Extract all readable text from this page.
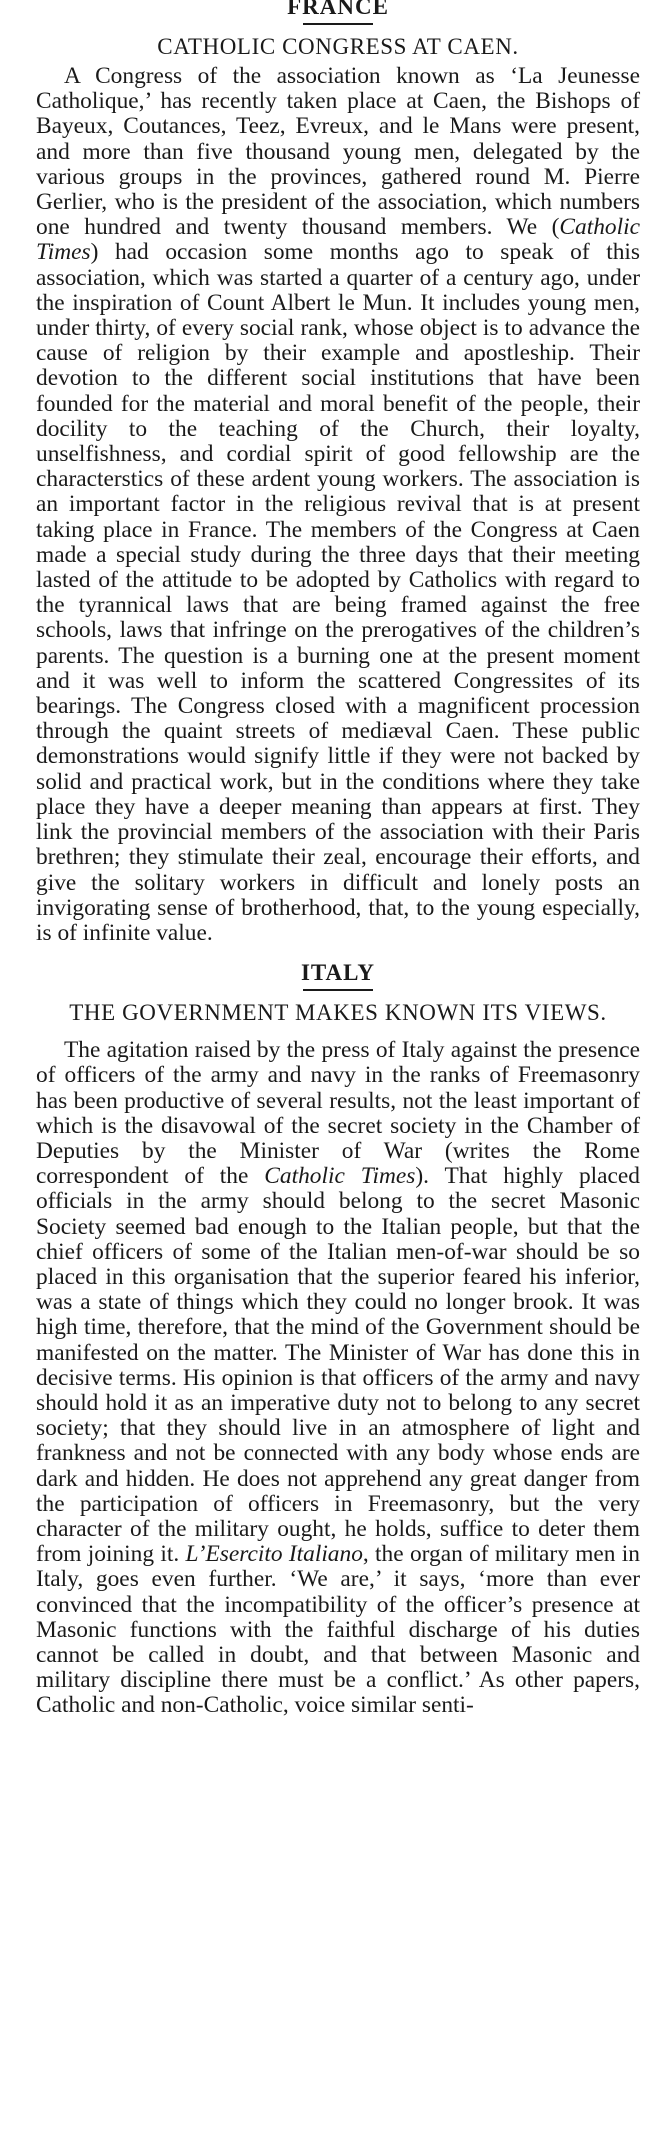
FRANCE
CATHOLIC CONGRESS AT CAEN.

A Congress of the association known as ‘La Jeunesse Catholique,’ has recently taken place at Caen, the Bishops of Bayeux, Coutances, Teez, Evreux, and le Mans were present, and more than five thousand young men, delegated by the various groups in the provinces, gathered round M. Pierre Gerlier, who is the president of the association, which numbers one hundred and twenty thousand members. We (Catholic Times) had occasion some months ago to speak of this association, which was started a quarter of a century ago, under the inspiration of Count Albert le Mun. It includes young men, under thirty, of every social rank, whose object is to advance the cause of religion by their example and apostleship. Their devotion to the different social institutions that have been founded for the material and moral benefit of the people, their docility to the teaching of the Church, their loyalty, unselfishness, and cordial spirit of good fellowship are the characterstics of these ardent young workers. The association is an important factor in the religious revival that is at present taking place in France. The members of the Congress at Caen made a special study during the three days that their meeting lasted of the attitude to be adopted by Catholics with regard to the tyrannical laws that are being framed against the free schools, laws that infringe on the prerogatives of the children’s parents. The question is a burning one at the present moment and it was well to inform the scattered Congressites of its bearings. The Congress closed with a magnificent procession through the quaint streets of mediæval Caen. These public demonstrations would signify little if they were not backed by solid and practical work, but in the conditions where they take place they have a deeper meaning than appears at first. They link the provincial members of the association with their Paris brethren; they stimulate their zeal, encourage their efforts, and give the solitary workers in difficult and lonely posts an invigorating sense of brotherhood, that, to the young especially, is of infinite value.

ITALY
THE GOVERNMENT MAKES KNOWN ITS VIEWS.

The agitation raised by the press of Italy against the presence of officers of the army and navy in the ranks of Freemasonry has been productive of several results, not the least important of which is the disavowal of the secret society in the Chamber of Deputies by the Minister of War (writes the Rome correspondent of the Catholic Times). That highly placed officials in the army should belong to the secret Masonic Society seemed bad enough to the Italian people, but that the chief officers of some of the Italian men-of-war should be so placed in this organisation that the superior feared his inferior, was a state of things which they could no longer brook. It was high time, therefore, that the mind of the Government should be manifested on the matter. The Minister of War has done this in decisive terms. His opinion is that officers of the army and navy should hold it as an imperative duty not to belong to any secret society; that they should live in an atmosphere of light and frankness and not be connected with any body whose ends are dark and hidden. He does not apprehend any great danger from the participation of officers in Freemasonry, but the very character of the military ought, he holds, suffice to deter them from joining it. L’Esercito Italiano, the organ of military men in Italy, goes even further. ‘We are,’ it says, ‘more than ever convinced that the incompatibility of the officer’s presence at Masonic functions with the faithful discharge of his duties cannot be called in doubt, and that between Masonic and military discipline there must be a conflict.’ As other papers, Catholic and non-Catholic, voice similar senti-
